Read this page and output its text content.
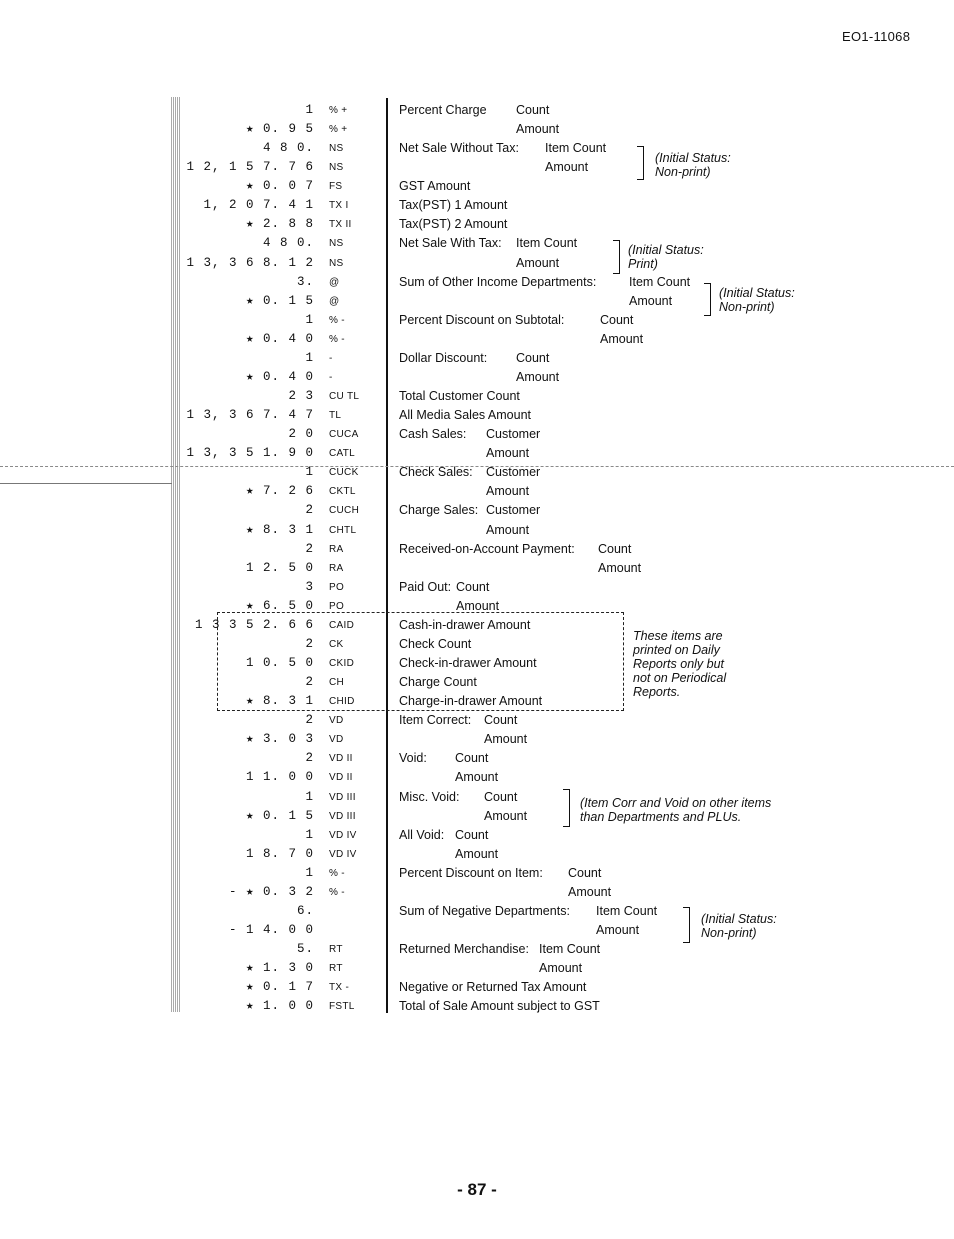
EO1-11068
1 % +	Percent Charge Count
★ 0. 9 5 % +	Amount
4 8 0. NS	Net Sale Without Tax: Item Count
1 2, 1 5 7. 7 6 NS	Amount
★ 0. 0 7 FS	GST Amount
1, 2 0 7. 4 1 TX I	Tax(PST) 1 Amount
★ 2. 8 8 TX II	Tax(PST) 2 Amount
4 8 0. NS	Net Sale With Tax: Item Count
1 3, 3 6 8. 1 2 NS	Amount
3. @	Sum of Other Income Departments:	Item Count
★ 0. 1 5 @	Amount
1 % -	Percent Discount on Subtotal:	Count
★ 0. 4 0 % -	Amount
1 -	Dollar Discount: Count
★ 0. 4 0 -	Amount
2 3 CU TL	Total Customer Count
1 3, 3 6 7. 4 7 TL	All Media Sales Amount
2 0 CUCA	Cash Sales: Customer
1 3, 3 5 1. 9 0 CATL	Amount
1 CUCK	Check Sales: Customer
★ 7. 2 6 CKTL	Amount
2 CUCH	Charge Sales: Customer
★ 8. 3 1 CHTL	Amount
2 RA	Received-on-Account Payment: Count
1 2. 5 0 RA	Amount
3 PO	Paid Out: Count
★ 6. 5 0 PO	Amount
1 3 3 5 2. 6 6 CAID	Cash-in-drawer Amount
2 CK	Check Count
1 0. 5 0 CKID	Check-in-drawer Amount
2 CH	Charge Count
★ 8. 3 1 CHID	Charge-in-drawer Amount
2 VD	Item Correct: Count
★ 3. 0 3 VD	Amount
2 VD II	Void: Count
1 1. 0 0 VD II	Amount
1 VD III	Misc. Void: Count
★ 0. 1 5 VD III	Amount
1 VD IV	All Void: Count
1 8. 7 0 VD IV	Amount
1 % -	Percent Discount on Item: Count
- ★ 0. 3 2 % -	Amount
6.	Sum of Negative Departments: Item Count
- 1 4. 0 0	Amount
5. RT	Returned Merchandise: Item Count
★ 1. 3 0 RT	Amount
★ 0. 1 7 TX -	Negative or Returned Tax Amount
★ 1. 0 0 FSTL	Total of Sale Amount subject to GST
(Initial Status:
Non-print)
(Initial Status:
Print)
(Initial Status:
Non-print)
These items are
printed on Daily
Reports only but
not on Periodical
Reports.
(Item Corr and Void on other items
than Departments and PLUs.
(Initial Status:
Non-print)
- 87 -
